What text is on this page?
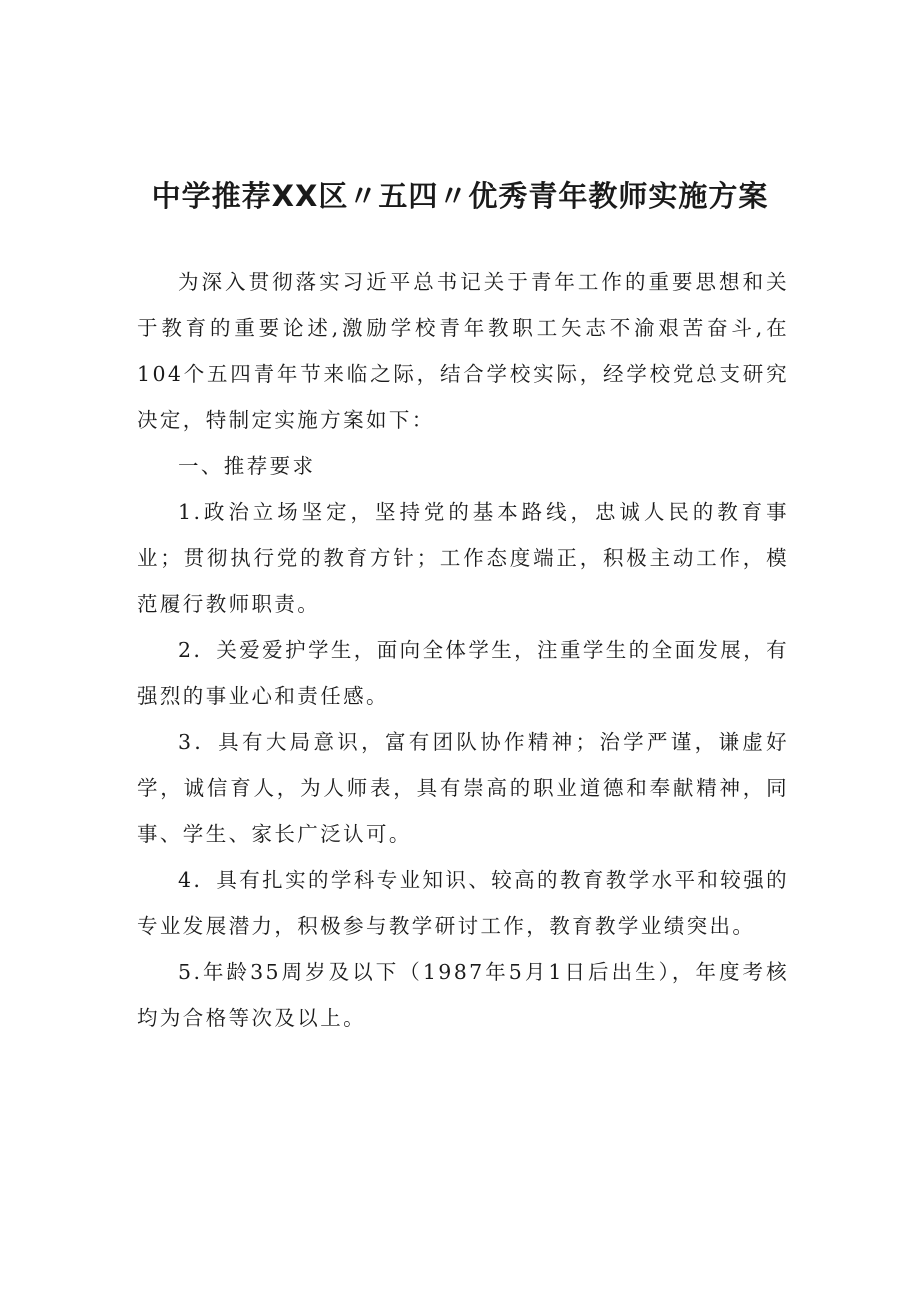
中学推荐XX区〃五四〃优秀青年教师实施方案

为深入贯彻落实习近平总书记关于青年工作的重要思想和关于教育的重要论述,激励学校青年教职工矢志不渝艰苦奋斗,在104个五四青年节来临之际，结合学校实际，经学校党总支研究决定，特制定实施方案如下：

一、推荐要求

1.政治立场坚定，坚持党的基本路线，忠诚人民的教育事业；贯彻执行党的教育方针；工作态度端正，积极主动工作，模范履行教师职责。

2．关爱爱护学生，面向全体学生，注重学生的全面发展，有强烈的事业心和责任感。

3．具有大局意识，富有团队协作精神；治学严谨，谦虚好学，诚信育人，为人师表，具有崇高的职业道德和奉献精神，同事、学生、家长广泛认可。

4．具有扎实的学科专业知识、较高的教育教学水平和较强的专业发展潜力，积极参与教学研讨工作，教育教学业绩突出。

5.年龄35周岁及以下（1987年5月1日后出生），年度考核均为合格等次及以上。
